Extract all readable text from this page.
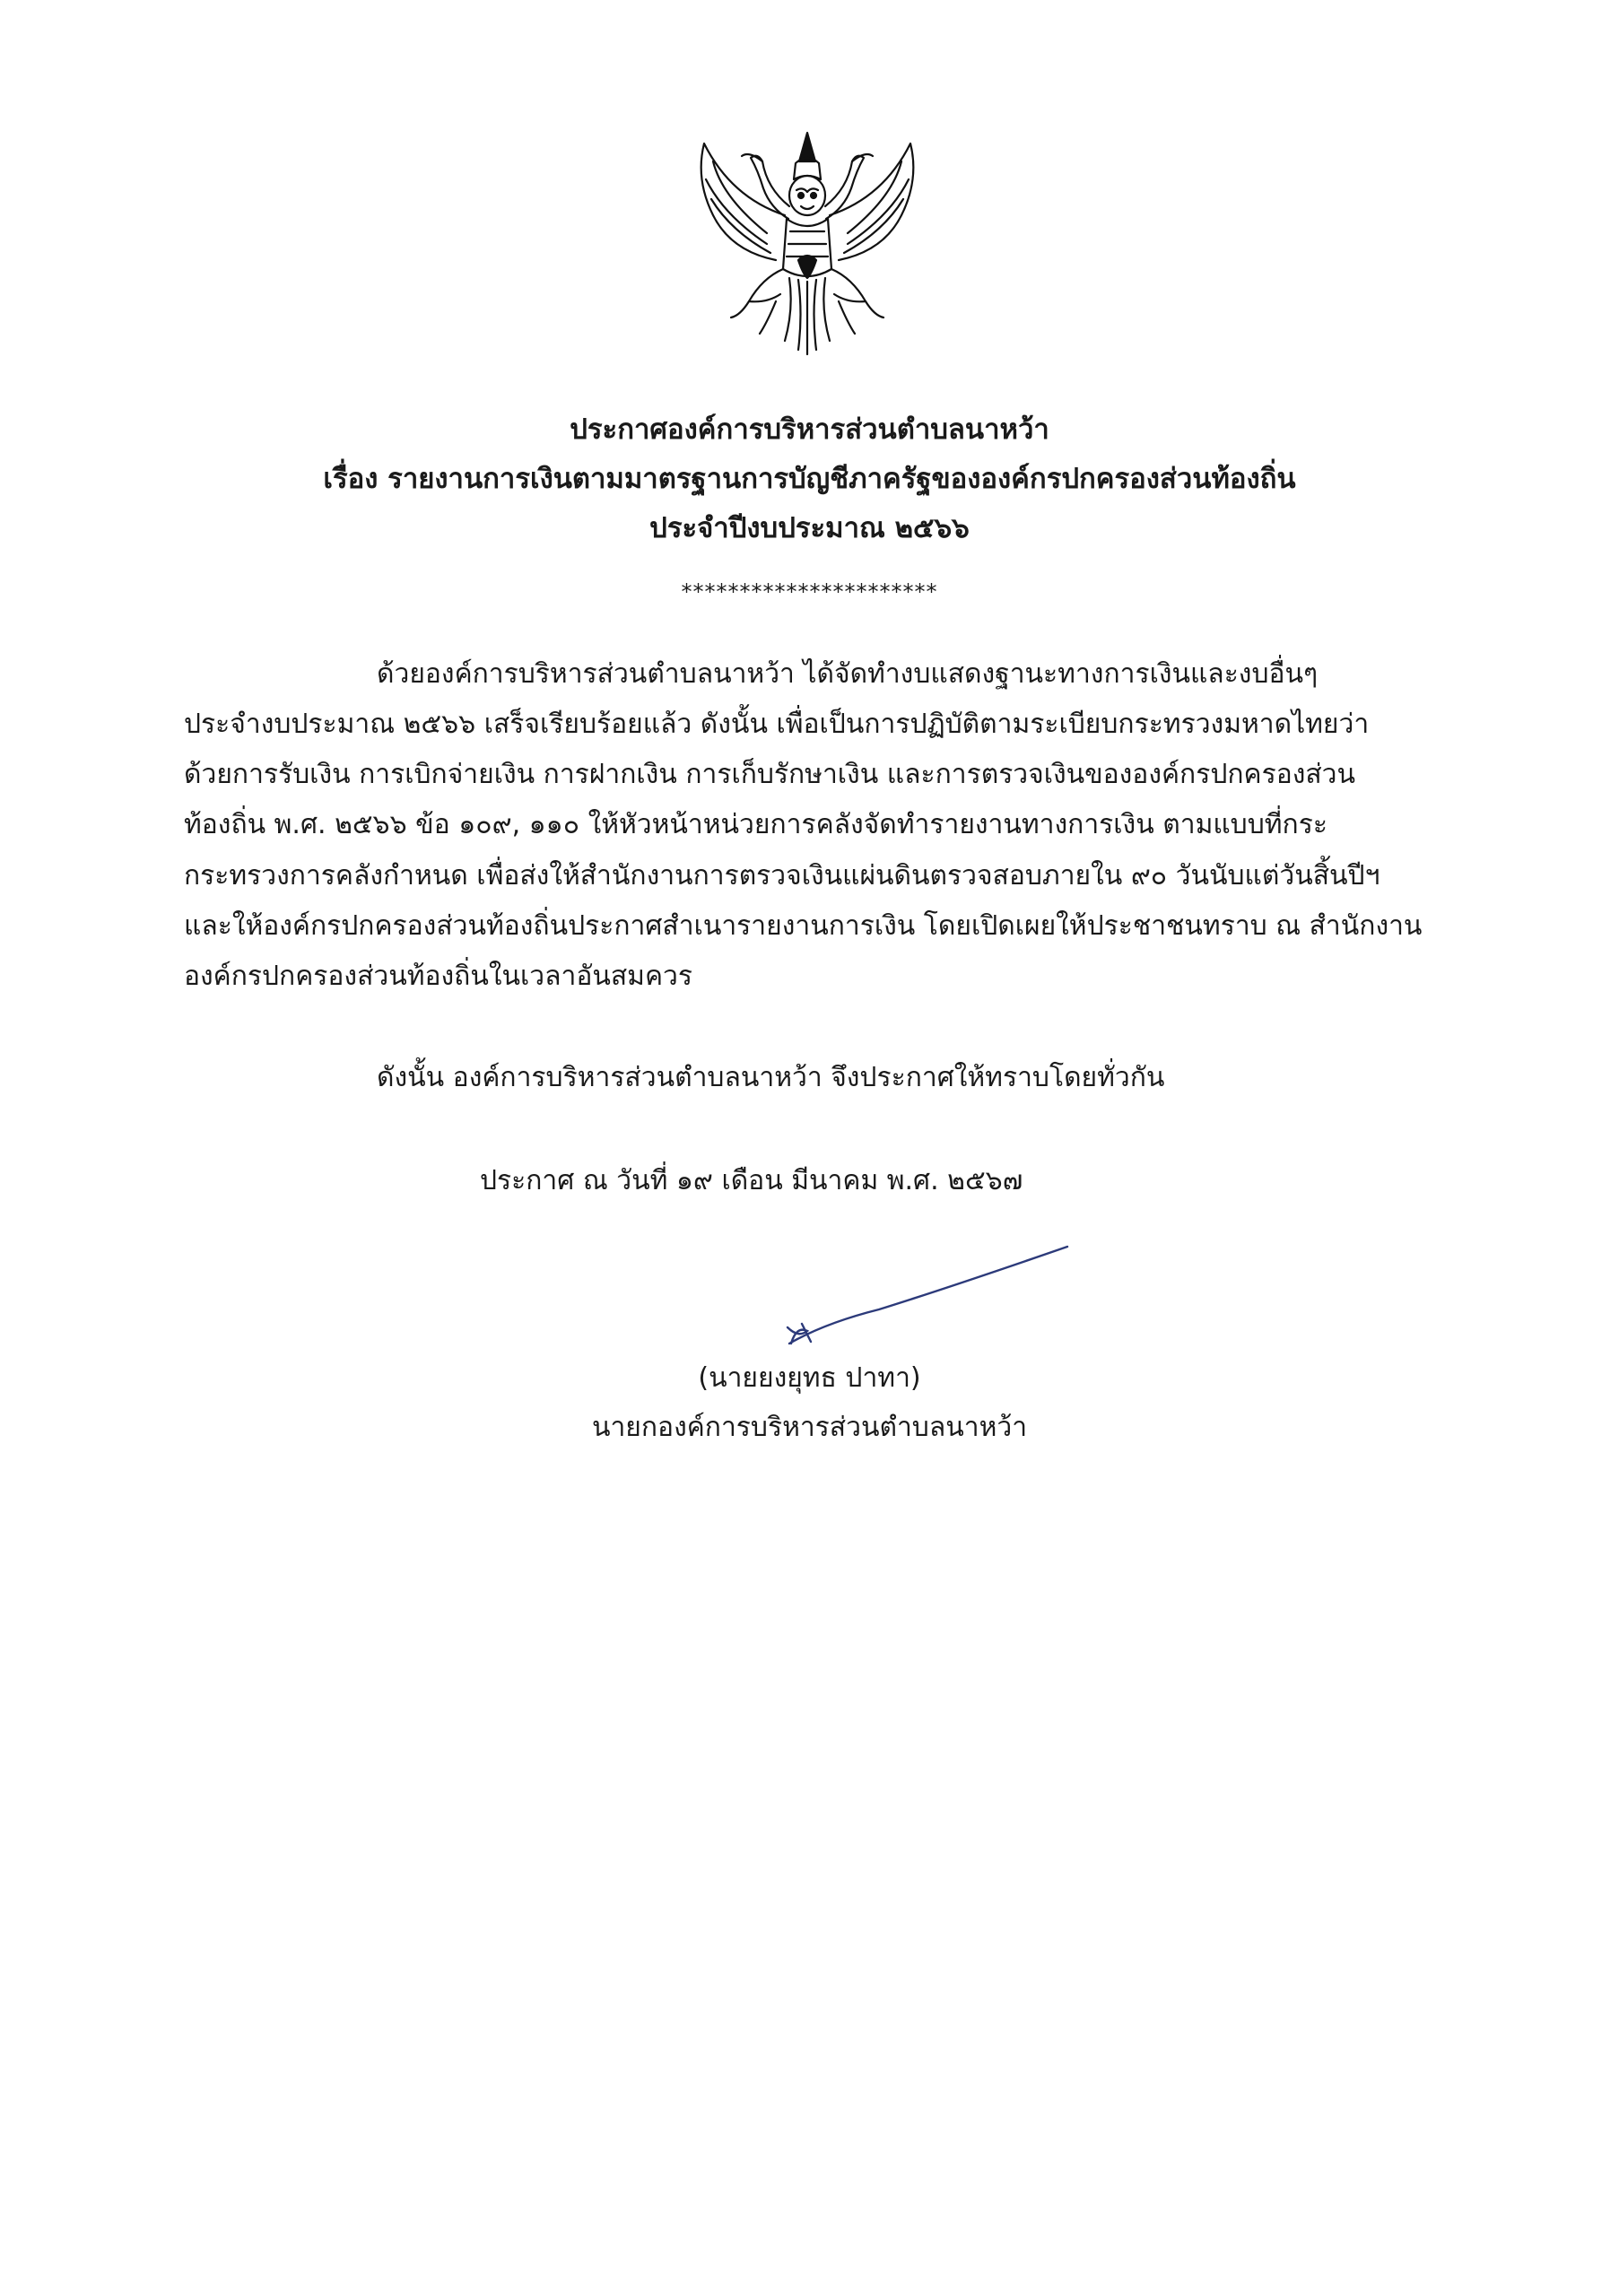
ประกาศองค์การบริหารส่วนตำบลนาหว้า
เรื่อง รายงานการเงินตามมาตรฐานการบัญชีภาครัฐขององค์กรปกครองส่วนท้องถิ่น
ประจำปีงบประมาณ ๒๕๖๖
**********************
ด้วยองค์การบริหารส่วนตำบลนาหว้า ได้จัดทำงบแสดงฐานะทางการเงินและงบอื่นๆ
ประจำงบประมาณ ๒๕๖๖ เสร็จเรียบร้อยแล้ว ดังนั้น เพื่อเป็นการปฏิบัติตามระเบียบกระทรวงมหาดไทยว่า
ด้วยการรับเงิน การเบิกจ่ายเงิน การฝากเงิน การเก็บรักษาเงิน และการตรวจเงินขององค์กรปกครองส่วน
ท้องถิ่น พ.ศ. ๒๕๖๖ ข้อ ๑๐๙, ๑๑๐ ให้หัวหน้าหน่วยการคลังจัดทำรายงานทางการเงิน ตามแบบที่กระ
กระทรวงการคลังกำหนด เพื่อส่งให้สำนักงานการตรวจเงินแผ่นดินตรวจสอบภายใน ๙๐ วันนับแต่วันสิ้นปีฯ
และให้องค์กรปกครองส่วนท้องถิ่นประกาศสำเนารายงานการเงิน โดยเปิดเผยให้ประชาชนทราบ ณ สำนักงาน
องค์กรปกครองส่วนท้องถิ่นในเวลาอันสมควร
ดังนั้น องค์การบริหารส่วนตำบลนาหว้า จึงประกาศให้ทราบโดยทั่วกัน
ประกาศ ณ วันที่ ๑๙ เดือน มีนาคม พ.ศ. ๒๕๖๗
(นายยงยุทธ ปาทา)
นายกองค์การบริหารส่วนตำบลนาหว้า
